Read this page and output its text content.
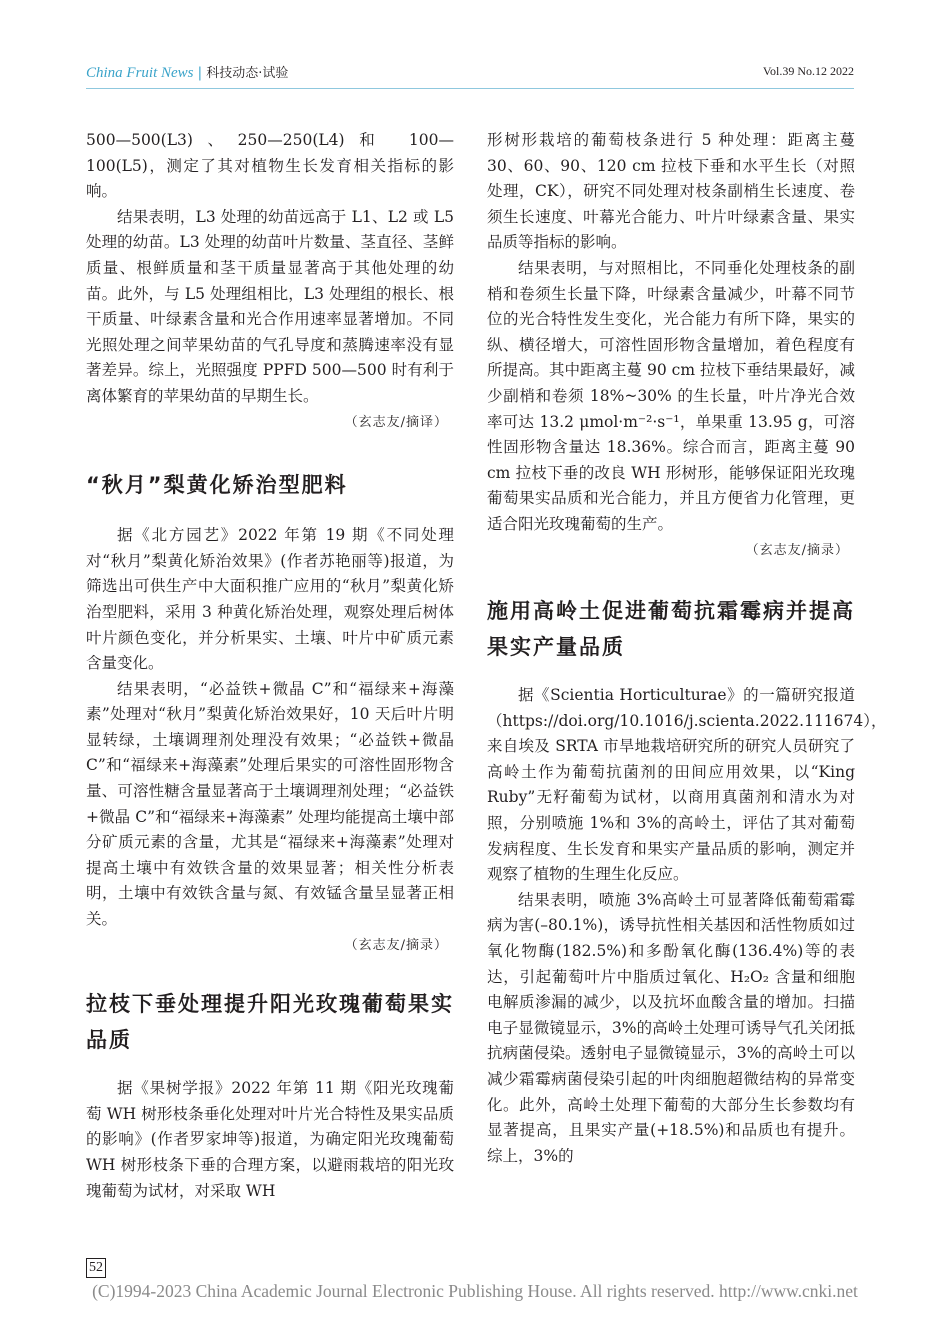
China Fruit News | 科技动态·试验	Vol.39 No.12 2022

500—500(L3)、250—250(L4)和 100—100(L5)，测定了其对植物生长发育相关指标的影响。

结果表明，L3 处理的幼苗远高于 L1、L2 或 L5 处理的幼苗。L3 处理的幼苗叶片数量、茎直径、茎鲜质量、根鲜质量和茎干质量显著高于其他处理的幼苗。此外，与 L5 处理组相比，L3 处理组的根长、根干质量、叶绿素含量和光合作用速率显著增加。不同光照处理之间苹果幼苗的气孔导度和蒸腾速率没有显著差异。综上，光照强度 PPFD 500—500 时有利于离体繁育的苹果幼苗的早期生长。

（玄志友/摘译）

“秋月”梨黄化矫治型肥料

据《北方园艺》2022 年第 19 期《不同处理对“秋月”梨黄化矫治效果》(作者苏艳丽等)报道，为筛选出可供生产中大面积推广应用的“秋月”梨黄化矫治型肥料，采用 3 种黄化矫治处理，观察处理后树体叶片颜色变化，并分析果实、土壤、叶片中矿质元素含量变化。

结果表明，“必益铁+微晶 C”和“福绿来+海藻素”处理对“秋月”梨黄化矫治效果好，10 天后叶片明显转绿，土壤调理剂处理没有效果；“必益铁+微晶 C”和“福绿来+海藻素”处理后果实的可溶性固形物含量、可溶性糖含量显著高于土壤调理剂处理；“必益铁+微晶 C”和“福绿来+海藻素” 处理均能提高土壤中部分矿质元素的含量，尤其是“福绿来+海藻素”处理对提高土壤中有效铁含量的效果显著；相关性分析表明，土壤中有效铁含量与氮、有效锰含量呈显著正相关。

（玄志友/摘录）

拉枝下垂处理提升阳光玫瑰葡萄果实品质

据《果树学报》2022 年第 11 期《阳光玫瑰葡萄 WH 树形枝条垂化处理对叶片光合特性及果实品质的影响》(作者罗家坤等)报道，为确定阳光玫瑰葡萄 WH 树形枝条下垂的合理方案，以避雨栽培的阳光玫瑰葡萄为试材，对采取 WH

形树形栽培的葡萄枝条进行 5 种处理：距离主蔓 30、60、90、120 cm 拉枝下垂和水平生长（对照处理，CK），研究不同处理对枝条副梢生长速度、卷须生长速度、叶幕光合能力、叶片叶绿素含量、果实品质等指标的影响。

结果表明，与对照相比，不同垂化处理枝条的副梢和卷须生长量下降，叶绿素含量减少，叶幕不同节位的光合特性发生变化，光合能力有所下降，果实的纵、横径增大，可溶性固形物含量增加，着色程度有所提高。其中距离主蔓 90 cm 拉枝下垂结果最好，减少副梢和卷须 18%~30% 的生长量，叶片净光合效率可达 13.2 μmol·m⁻²·s⁻¹，单果重 13.95 g，可溶性固形物含量达 18.36%。综合而言，距离主蔓 90 cm 拉枝下垂的改良 WH 形树形，能够保证阳光玫瑰葡萄果实品质和光合能力，并且方便省力化管理，更适合阳光玫瑰葡萄的生产。

（玄志友/摘录）

施用高岭土促进葡萄抗霜霉病并提高果实产量品质

据《Scientia Horticulturae》的一篇研究报道（https://doi.org/10.1016/j.scienta.2022.111674），来自埃及 SRTA 市旱地栽培研究所的研究人员研究了高岭土作为葡萄抗菌剂的田间应用效果，以“King Ruby”无籽葡萄为试材，以商用真菌剂和清水为对照，分别喷施 1%和 3%的高岭土，评估了其对葡萄发病程度、生长发育和果实产量品质的影响，测定并观察了植物的生理生化反应。

结果表明，喷施 3%高岭土可显著降低葡萄霜霉病为害(–80.1%)，诱导抗性相关基因和活性物质如过氧化物酶(182.5%)和多酚氧化酶(136.4%)等的表达，引起葡萄叶片中脂质过氧化、H₂O₂ 含量和细胞电解质渗漏的减少，以及抗坏血酸含量的增加。扫描电子显微镜显示，3%的高岭土处理可诱导气孔关闭抵抗病菌侵染。透射电子显微镜显示，3%的高岭土可以减少霜霉病菌侵染引起的叶肉细胞超微结构的异常变化。此外，高岭土处理下葡萄的大部分生长参数均有显著提高，且果实产量(+18.5%)和品质也有提升。综上，3%的

52
(C)1994-2023 China Academic Journal Electronic Publishing House. All rights reserved. http://www.cnki.net
